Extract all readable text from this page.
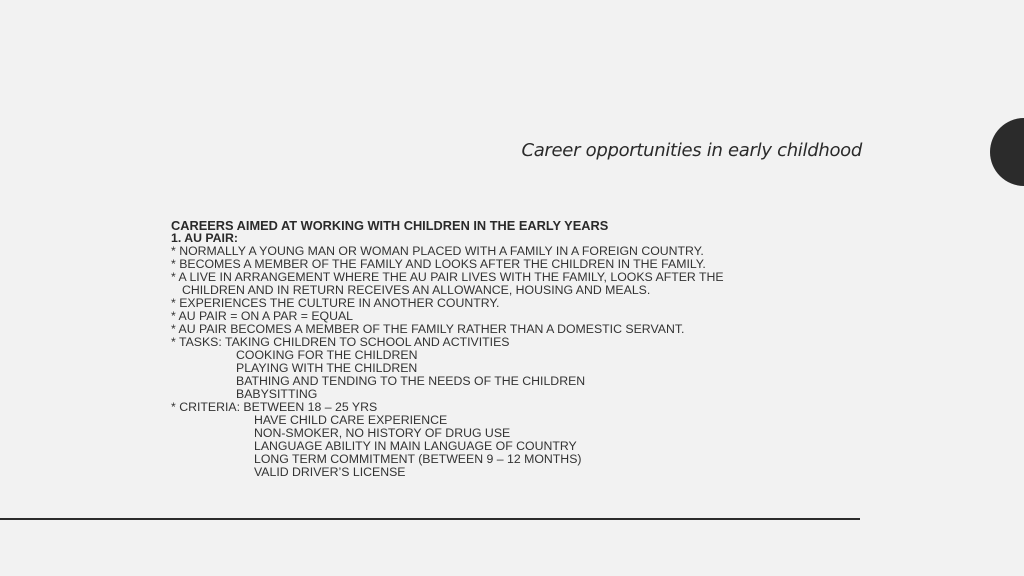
Career opportunities in early childhood
CAREERS AIMED AT WORKING WITH CHILDREN IN THE EARLY YEARS
1. AU PAIR:
* NORMALLY A YOUNG MAN OR WOMAN PLACED WITH A FAMILY IN A FOREIGN COUNTRY.
* BECOMES A MEMBER OF THE FAMILY AND LOOKS AFTER THE CHILDREN IN THE FAMILY.
* A LIVE IN ARRANGEMENT WHERE THE AU PAIR LIVES WITH THE FAMILY, LOOKS AFTER THE
CHILDREN AND IN RETURN RECEIVES AN ALLOWANCE, HOUSING AND MEALS.
* EXPERIENCES THE CULTURE IN ANOTHER COUNTRY.
* AU PAIR = ON A PAR = EQUAL
* AU PAIR BECOMES A MEMBER OF THE FAMILY RATHER THAN A DOMESTIC SERVANT.
* TASKS: TAKING CHILDREN TO SCHOOL AND ACTIVITIES
COOKING FOR THE CHILDREN
PLAYING WITH THE CHILDREN
BATHING AND TENDING TO THE NEEDS OF THE CHILDREN
BABYSITTING
* CRITERIA: BETWEEN 18 – 25 YRS
HAVE CHILD CARE EXPERIENCE
NON-SMOKER, NO HISTORY OF DRUG USE
LANGUAGE ABILITY IN MAIN LANGUAGE OF COUNTRY
LONG TERM COMMITMENT (BETWEEN 9 – 12 MONTHS)
VALID DRIVER’S LICENSE
